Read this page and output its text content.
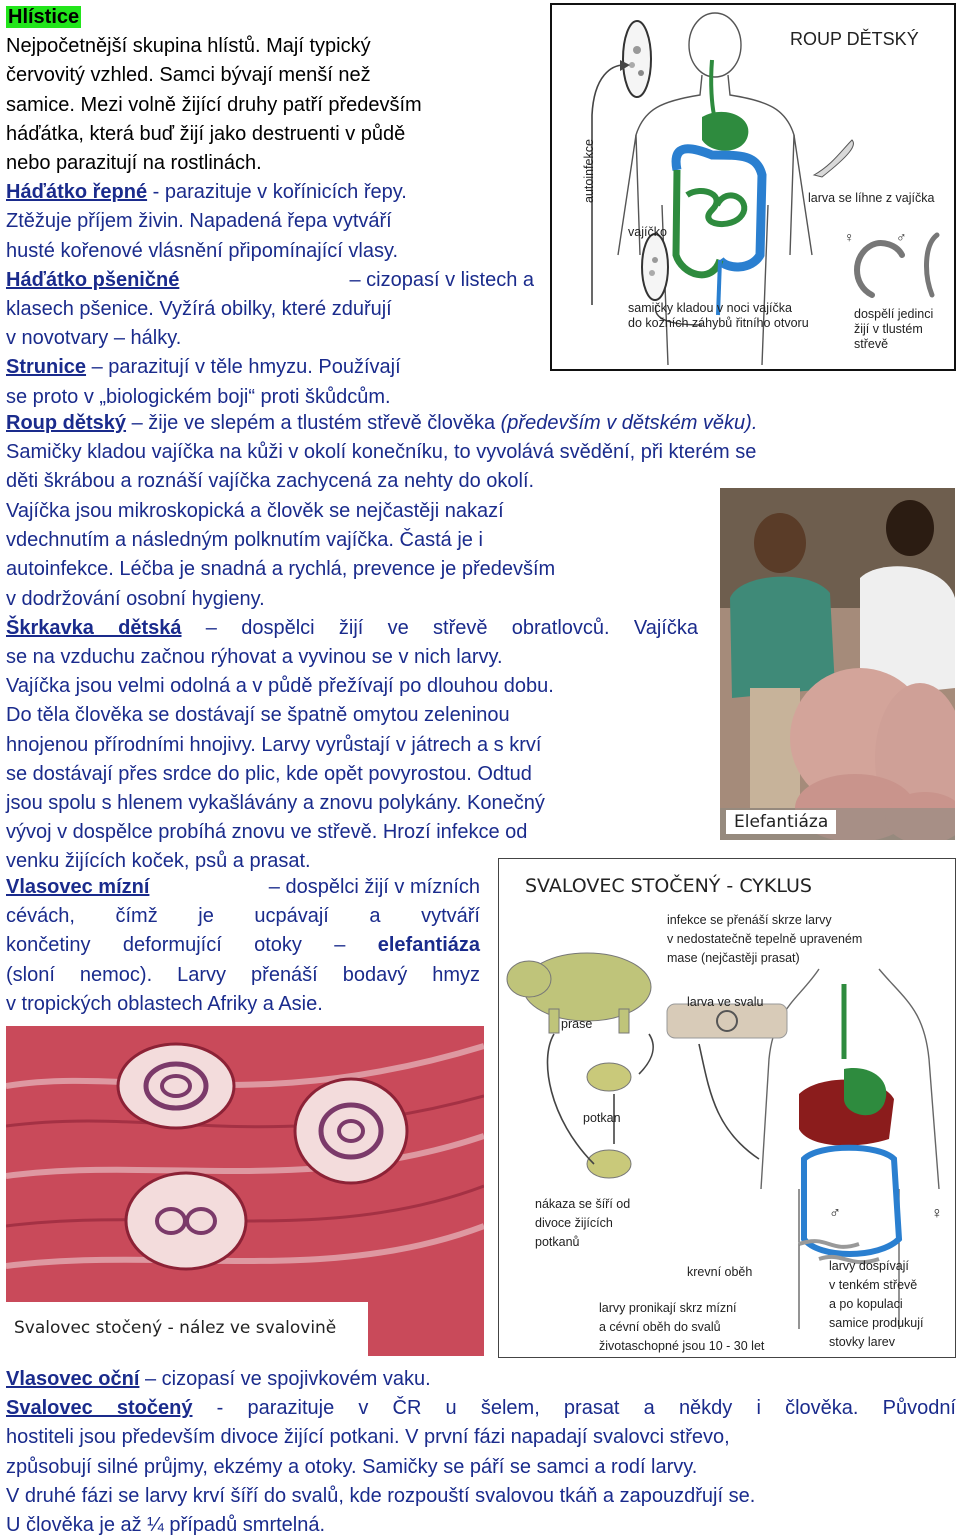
Hlístice
Nejpočetnější skupina hlístů. Mají typický
červovitý vzhled. Samci bývají menší než
samice. Mezi volně žijící druhy patří především
háďátka, která buď žijí jako destruenti v půdě
nebo parazitují na rostlinách.
Háďátko řepné - parazituje v kořínicích řepy.
Ztěžuje příjem živin. Napadená řepa vytváří
husté kořenové vlásnění připomínající vlasy.
Háďátko pšeničné	– cizopasí v listech a
klasech pšenice. Vyžírá obilky, které zduřují
v novotvary – hálky.
Strunice – parazitují v těle hmyzu. Používají
se proto v „biologickém boji“ proti škůdcům.
Roup dětský – žije ve slepém a tlustém střevě člověka (především v dětském věku).
Samičky kladou vajíčka na kůži v okolí konečníku, to vyvolává svědění, při kterém se
děti škrábou a roznáší vajíčka zachycená za nehty do okolí.
Vajíčka jsou mikroskopická a člověk se nejčastěji nakazí
vdechnutím a následným polknutím vajíčka. Častá je i
autoinfekce. Léčba je snadná a rychlá, prevence je především
v dodržování osobní hygieny.
Škrkavka dětská – dospělci žijí ve střevě obratlovců. Vajíčka
se na vzduchu začnou rýhovat a vyvinou se v nich larvy.
Vajíčka jsou velmi odolná a v půdě přežívají po dlouhou dobu.
Do těla člověka se dostávají se špatně omytou zeleninou
hnojenou přírodními hnojivy. Larvy vyrůstají v játrech a s krví
se dostávají přes srdce do plic, kde opět povyrostou. Odtud
jsou spolu s hlenem vykašlávány a znovu polykány. Konečný
vývoj v dospělce probíhá znovu ve střevě. Hrozí infekce od
venku žijících koček, psů a prasat.
Vlasovec mízní	– dospělci žijí v mízních
cévách, čímž je ucpávají a vytváří
končetiny deformující otoky – elefantiáza
(sloní nemoc). Larvy přenáší bodavý hmyz
v tropických oblastech Afriky a Asie.
Vlasovec oční – cizopasí ve spojivkovém vaku.
Svalovec stočený - parazituje v ČR u šelem, prasat a někdy i člověka. Původní
hostiteli jsou především divoce žijící potkani. V první fázi napadají svalovci střevo,
způsobují silné průjmy, ekzémy a otoky. Samičky se páří se samci a rodí larvy.
V druhé fázi se larvy krví šíří do svalů, kde rozpouští svalovou tkáň a zapouzdřují se.
U člověka je až ¼ případů smrtelná.
ROUP DĚTSKÝ
autoinfekce
vajíčko
larva se líhne z vajíčka
samičky kladou v noci vajíčka
do kožních záhybů řitního otvoru
dospělí jedinci
žijí v tlustém
střevě
♀	♂
Elefantiáza
SVALOVEC STOČENÝ - CYKLUS
infekce se přenáší skrze larvy
v nedostatečně tepelně upraveném
mase (nejčastěji prasat)
prase
larva ve svalu
potkan
nákaza se šíří od
divoce žijících
potkanů
krevní oběh
larvy pronikají skrz mízní
a cévní oběh do svalů
životaschopné jsou 10 - 30 let
larvy dospívají
v tenkém střevě
a po kopulaci
samice produkují
stovky larev
♂	♀
Svalovec stočený - nález ve svalovině
